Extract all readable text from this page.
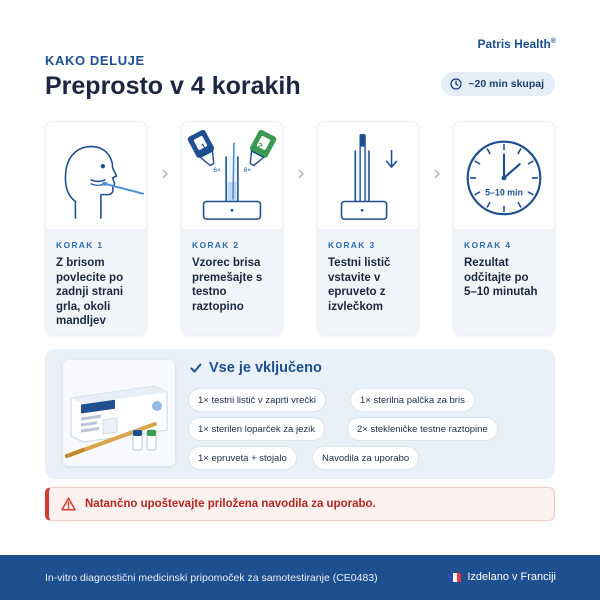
Patris Health®
KAKO DELUJE
Preprosto v 4 korakih	~20 min skupaj
KORAK 1
Z brisom povlecite po zadnji strani grla, okoli mandljev
1	2
6×	6×
KORAK 2
Vzorec brisa premešajte s testno raztopino
KORAK 3
Testni listič vstavite v epruveto z izvlečkom
5–10 min
KORAK 4
Rezultat odčitajte po 5–10 minutah
Vse je vključeno
1× testni listič v zaprti vrečki	1× sterilna palčka za bris
1× sterilen loparček za jezik	2× stekleničke testne raztopine
1× epruveta + stojalo	Navodila za uporabo
Natančno upoštevajte priložena navodila za uporabo.
In-vitro diagnostični medicinski pripomoček za samotestiranje (CE0483)	Izdelano v Franciji
